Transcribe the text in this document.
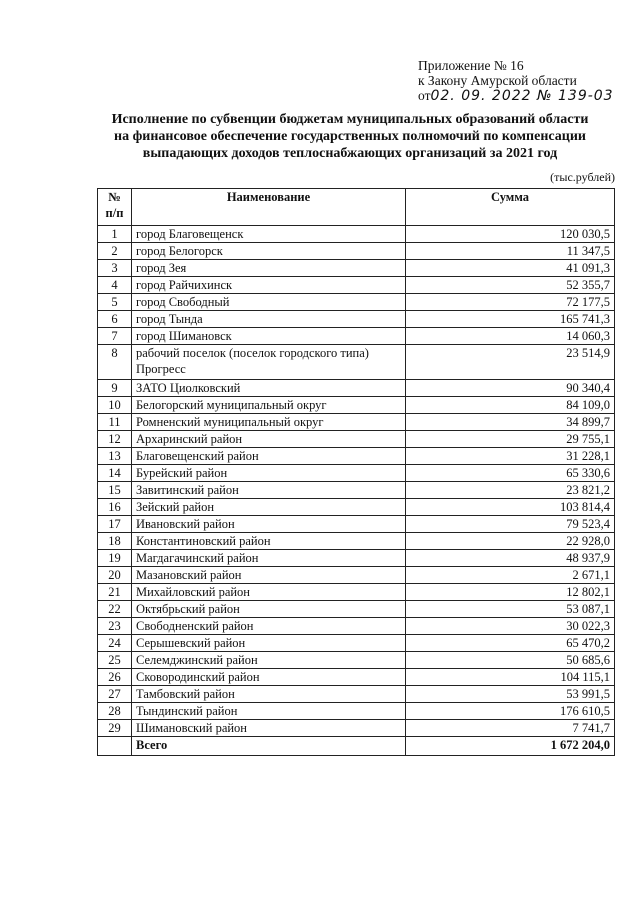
Приложение № 16
к Закону Амурской области
от02. 09. 2022 № 139-03
Исполнение по субвенции бюджетам муниципальных образований области
на финансовое обеспечение государственных полномочий по компенсации
выпадающих доходов теплоснабжающих организаций за 2021 год
(тыс.рублей)
№ п/п	Наименование	Сумма
1	город Благовещенск	120 030,5
2	город Белогорск	11 347,5
3	город Зея	41 091,3
4	город Райчихинск	52 355,7
5	город Свободный	72 177,5
6	город Тында	165 741,3
7	город Шимановск	14 060,3
8	рабочий поселок (поселок городского типа) Прогресс	23 514,9
9	ЗАТО Циолковский	90 340,4
10	Белогорский муниципальный округ	84 109,0
11	Ромненский муниципальный округ	34 899,7
12	Архаринский район	29 755,1
13	Благовещенский район	31 228,1
14	Бурейский район	65 330,6
15	Завитинский район	23 821,2
16	Зейский район	103 814,4
17	Ивановский район	79 523,4
18	Константиновский район	22 928,0
19	Магдагачинский район	48 937,9
20	Мазановский район	2 671,1
21	Михайловский район	12 802,1
22	Октябрьский район	53 087,1
23	Свободненский район	30 022,3
24	Серышевский район	65 470,2
25	Селемджинский район	50 685,6
26	Сковородинский район	104 115,1
27	Тамбовский район	53 991,5
28	Тындинский район	176 610,5
29	Шимановский район	7 741,7
	Всего	1 672 204,0
